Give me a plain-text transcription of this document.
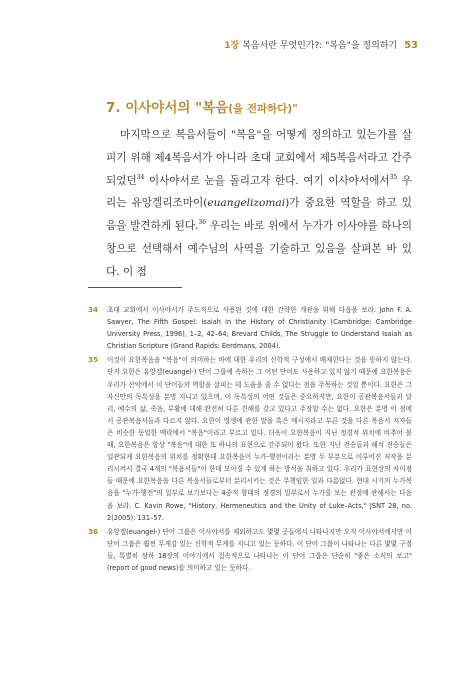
1장 복음서란 무엇인가?: "복음"을 정의하기 53
7. 이사야서의 "복음(을 전파하다)"

마지막으로 복음서들이 "복음"을 어떻게 정의하고 있는가를 살피기 위해 제4복음서가 아니라 초대 교회에서 제5복음서라고 간주되었던$^{34}$ 이사야서로 눈을 돌리고자 한다. 여기 이사야서에서$^{35}$ 우리는 유앙겔리조마이(euangelizomai)가 중요한 역할을 하고 있음을 발견하게 된다.$^{36}$ 우리는 바로 위에서 누가가 이사야를 하나의 창으로 선택해서 예수님의 사역을 기술하고 있음을 살펴본 바 있다. 이 점

34 초대 교회에서 이사야서가 주도적으로 사용된 것에 대한 간략한 개관을 위해 다음을 보라. John F. A. Sawyer, The Fifth Gospel: Isaiah in the History of Christianity (Cambridge: Cambridge University Press, 1996), 1–2, 42–64; Brevard Childs, The Struggle to Understand Isaiah as Christian Scripture (Grand Rapids: Eerdmans, 2004).
35 이것이 요한복음을 "복음"이 의미하는 바에 대한 우리의 신학적 구성에서 배제한다는 것을 뜻하지 않는다. 단지 요한은 유앙겔(euangel-) 단어 그룹에 속하는 그 어떤 단어도 사용하고 있지 않기 때문에 요한복음은 우리가 산악에서 이 단어들의 역할을 살피는 데 도움을 줄 수 없다는 점을 주목하는 것일 뿐이다. 요한은 그 자신만의 독특성을 분명 지니고 있으며, 이 독특성의 어떤 것들은 중요하지만, 요한이 공관복음서들과 달리, 예수의 삶, 죽음, 부활에 대해 완전히 다른 견해를 갖고 있다고 주장할 수는 없다. 요한은 분명 이 점에서 공관복음서들과 다르지 않다. 요한이 영생에 관한 말을 혹은 메시지라고 부른 것을 다른 복음서 저자들은 비슷한 동일한 맥락에서 "복음"이라고 부르고 있다. 더욱이 요한복음이 지닌 정경적 위치에 비추어 볼 때, 요한복음은 항상 "복음"에 대한 또 하나의 표현으로 간주되어 왔다. 또한 지난 전승들과 해석 전승들은 일관되게 요한복음의 위치를 정확한데 요한복음이 누가-행전이라는 분명 두 부분으로 이루어진 저작을 분리시켜서 결국 4개의 "복음서들"이 한데 모아질 수 있게 하는 방식을 취하고 있다. 우리가 표현상의 차이점들 때문에 요한복음을 다른 복음서들로부터 분리시키는 것은 무책임한 일과 다름없다. 현대 시기의 누가복음을 "누가-행전"의 일부로 보기보다는 4중적 형태의 정경의 일부로서 누가를 보는 관점에 관해서는 다음을 보라. C. Kavin Rowe, "History, Hermeneutics and the Unity of Luke–Acts," JSNT 28, no. 2(2005): 131–57.
36 유앙겔(euangel-) 단어 그룹은 이사야서를 제외하고도 몇몇 곳들에서 나타나지만 오직 이사야서에서만 이 단어 그룹은 훨씬 무게감 있는 신학적 무게를 지니고 있는 듯하다. 이 단어 그룹이 나타나는 다른 몇몇 구절들, 특별히 삼하 18장의 이야기에서 접속적으로 나타나는 이 단어 그룹은 단순히 "좋은 소식의 보고"(report of good news)를 의미하고 있는 듯하다.
